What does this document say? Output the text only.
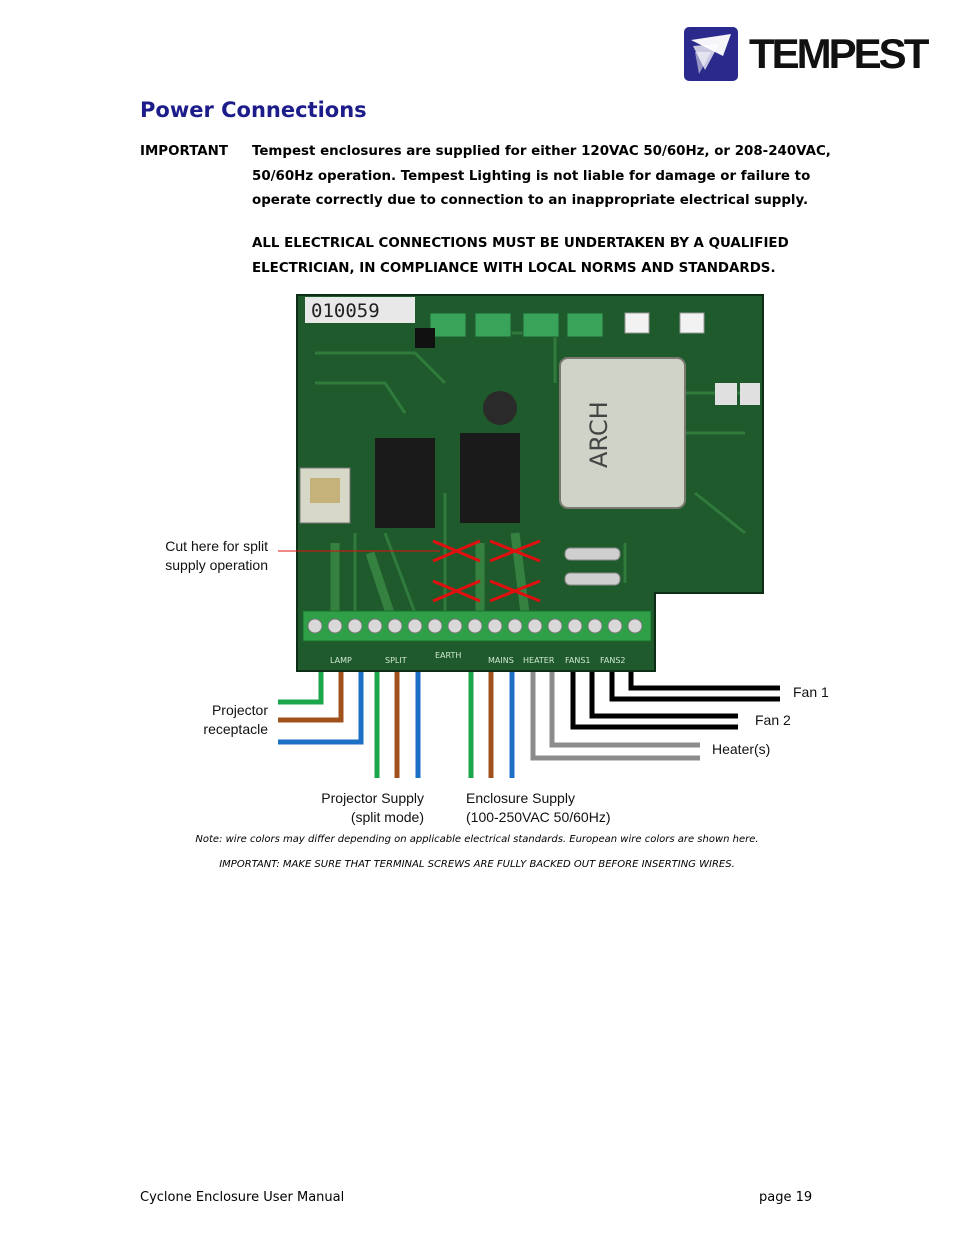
TEMPEST
Power Connections
IMPORTANT Tempest enclosures are supplied for either 120VAC 50/60Hz, or 208-240VAC, 50/60Hz operation. Tempest Lighting is not liable for damage or failure to operate correctly due to connection to an inappropriate electrical supply.
ALL ELECTRICAL CONNECTIONS MUST BE UNDERTAKEN BY A QUALIFIED ELECTRICIAN, IN COMPLIANCE WITH LOCAL NORMS AND STANDARDS.
010059
ARCH
LAMP	SPLIT
EARTH
MAINS HEATER FANS1 FANS2
Cut here for split
supply operation
Projector
receptacle
Projector Supply
(split mode)
Enclosure Supply
(100-250VAC 50/60Hz)
Fan 1
Fan 2
Heater(s)
Note: wire colors may differ depending on applicable electrical standards. European wire colors are shown here.
IMPORTANT: MAKE SURE THAT TERMINAL SCREWS ARE FULLY BACKED OUT BEFORE INSERTING WIRES.
Cyclone Enclosure User Manual	page 19
